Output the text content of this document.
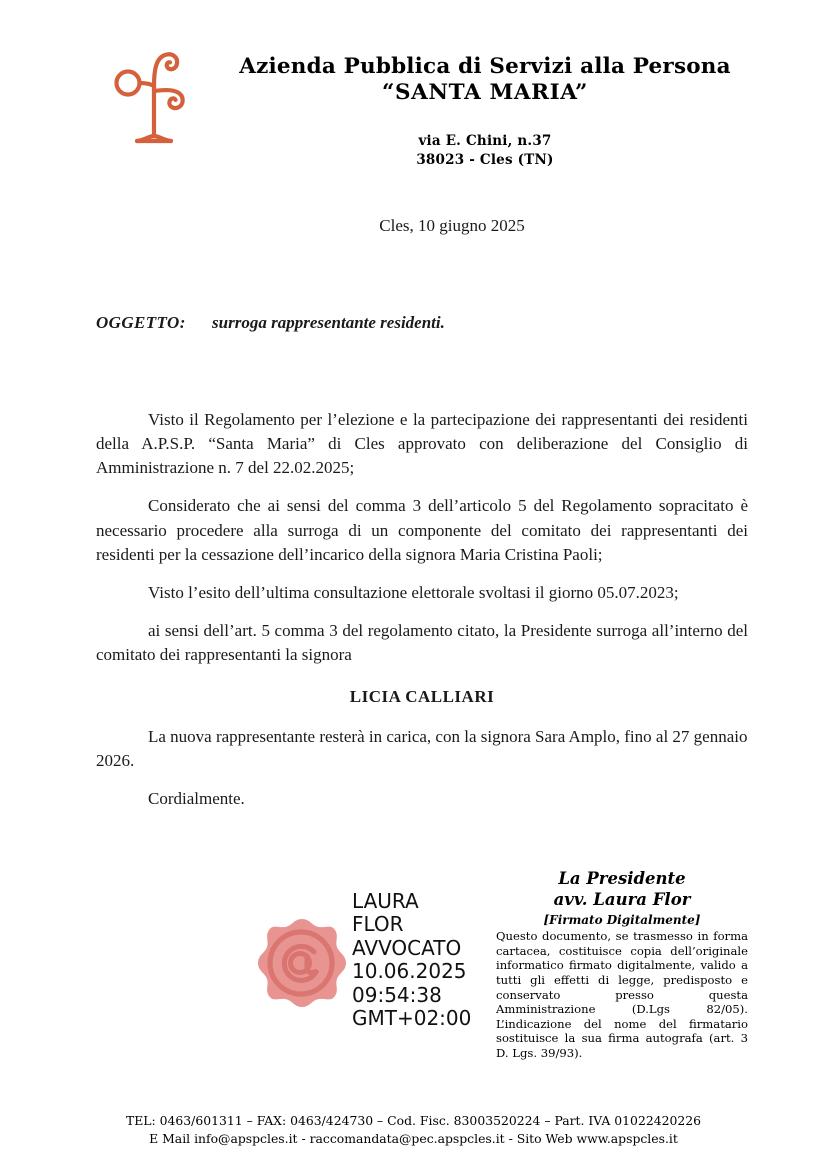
Azienda Pubblica di Servizi alla Persona
“SANTA MARIA”
via E. Chini, n.37
38023 - Cles (TN)
Cles, 10 giugno 2025
OGGETTO: surroga rappresentante residenti.

Visto il Regolamento per l’elezione e la partecipazione dei rappresentanti dei residenti della A.P.S.P. “Santa Maria” di Cles approvato con deliberazione del Consiglio di Amministrazione n. 7 del 22.02.2025;

Considerato che ai sensi del comma 3 dell’articolo 5 del Regolamento sopracitato è necessario procedere alla surroga di un componente del comitato dei rappresentanti dei residenti per la cessazione dell’incarico della signora Maria Cristina Paoli;

Visto l’esito dell’ultima consultazione elettorale svoltasi il giorno 05.07.2023;

ai sensi dell’art. 5 comma 3 del regolamento citato, la Presidente surroga all’interno del comitato dei rappresentanti la signora

LICIA CALLIARI

La nuova rappresentante resterà in carica, con la signora Sara Amplo, fino al 27 gennaio 2026.

Cordialmente.

LAURA
FLOR
AVVOCATO
10.06.2025
09:54:38
GMT+02:00
La Presidente
avv. Laura Flor
[Firmato Digitalmente]
Questo documento, se trasmesso in forma cartacea, costituisce copia dell’originale informatico firmato digitalmente, valido a tutti gli effetti di legge, predisposto e conservato presso questa Amministrazione (D.Lgs 82/05). L’indicazione del nome del firmatario sostituisce la sua firma autografa (art. 3 D. Lgs. 39/93).
TEL: 0463/601311 – FAX: 0463/424730 – Cod. Fisc. 83003520224 – Part. IVA 01022420226
E Mail info@apspcles.it - raccomandata@pec.apspcles.it - Sito Web www.apspcles.it
